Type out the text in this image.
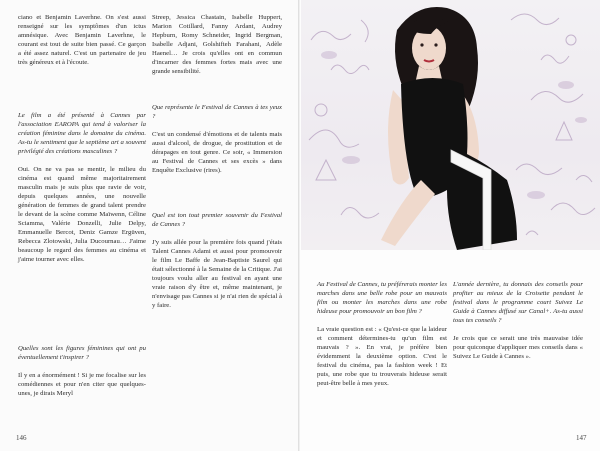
ciano et Benjamin Laverhne. On s'est aussi renseigné sur les symptômes d'un ictus amnésique. Avec Benjamin Laverhne, le courant est tout de suite bien passé. Ce garçon a été assez naturel. C'est un partenaire de jeu très généreux et à l'écoute.

Le film a été présenté à Cannes par l'association EAROPA qui tend à valoriser la création féminine dans le domaine du cinéma. As-tu le sentiment que le septième art a souvent privilégié des créations masculines ?

Oui. On ne va pas se mentir, le milieu du cinéma est quand même majoritairement masculin mais je suis plus que ravie de voir, depuis quelques années, une nouvelle génération de femmes de grand talent prendre le devant de la scène comme Maïwenn, Céline Sciamma, Valérie Donzelli, Julie Delpy, Emmanuelle Bercot, Deniz Gamze Ergüven, Rebecca Zlotowski, Julia Ducournau… J'aime beaucoup le regard des femmes au cinéma et j'aime tourner avec elles.

Quelles sont les figures féminines qui ont pu éventuellement t'inspirer ?

Il y en a énormément ! Si je me focalise sur les comédiennes et pour n'en citer que quelques-unes, je dirais Meryl

Streep, Jessica Chastain, Isabelle Huppert, Marion Cotillard, Fanny Ardant, Audrey Hepburn, Romy Schneider, Ingrid Bergman, Isabelle Adjani, Golshifteh Farahani, Adèle Haenel… Je crois qu'elles ont en commun d'incarner des femmes fortes mais avec une grande sensibilité.

Que représente le Festival de Cannes à tes yeux ?

C'est un condensé d'émotions et de talents mais aussi d'alcool, de drogue, de prostitution et de dérapages en tout genre. Ce soir, « Immersion au Festival de Cannes et ses excès » dans Enquête Exclusive (rires).

Quel est ton tout premier souvenir du Festival de Cannes ?

J'y suis allée pour la première fois quand j'étais Talent Cannes Adami et aussi pour promouvoir le film Le Baffe de Jean-Baptiste Saurel qui était sélectionné à la Semaine de la Critique. J'ai toujours voulu aller au festival en ayant une vraie raison d'y être et, même maintenant, je n'envisage pas Cannes si je n'ai rien de spécial à y faire.

146

Au Festival de Cannes, tu préférerais monter les marches dans une belle robe pour un mauvais film ou monter les marches dans une robe hideuse pour promouvoir un bon film ?

La vraie question est : « Qu'est-ce que la laideur et comment détermines-tu qu'un film est mauvais ? ». En vrai, je préfère bien évidemment la deuxième option. C'est le festival du cinéma, pas la fashion week ! Et puis, une robe que tu trouverais hideuse serait peut-être belle à mes yeux.

L'année dernière, tu donnais des conseils pour profiter au mieux de la Croisette pendant le festival dans le programme court Suivez Le Guide à Cannes diffusé sur Canal+. As-tu aussi tous tes conseils ?

Je crois que ce serait une très mauvaise idée pour quiconque d'appliquer mes conseils dans « Suivez Le Guide à Cannes ».

147
